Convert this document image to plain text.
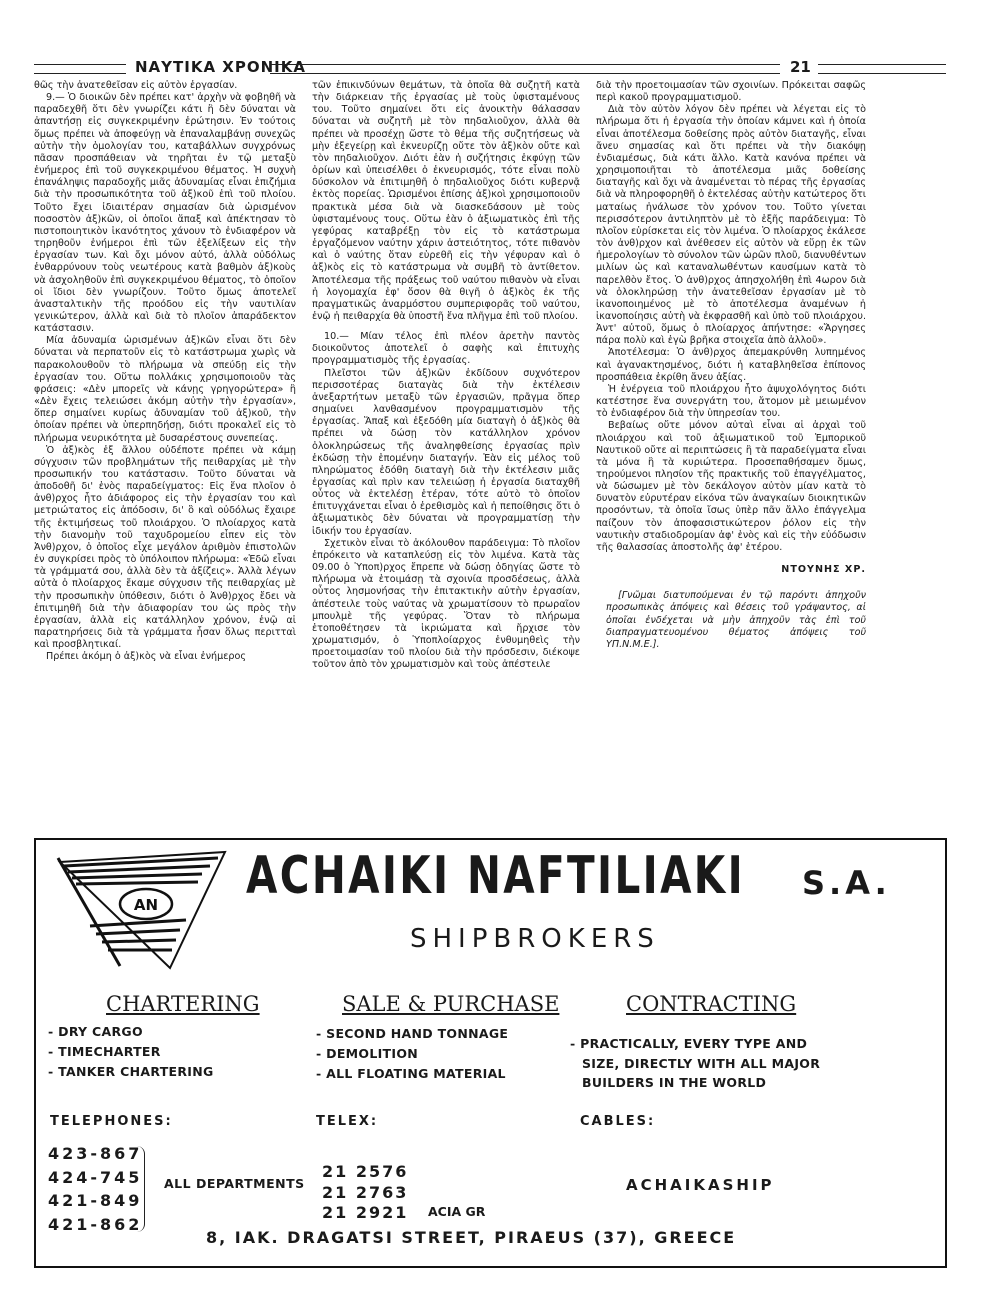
ΝΑΥΤΙΚΑ ΧΡΟΝΙΚΑ	21

θῶς τὴν ἀνατεθεῖσαν εἰς αὐτὸν ἐργασίαν.

9.— Ὁ διοικῶν δὲν πρέπει κατ' ἀρχὴν νὰ φοβηθῆ νὰ παραδεχθῆ ὅτι δὲν γνωρίζει κάτι ἢ δὲν δύναται νὰ ἀπαντήσῃ εἰς συγκεκριμένην ἐρώτησιν. Ἐν τούτοις ὅμως πρέπει νὰ ἀποφεύγῃ νὰ ἐπαναλαμβάνῃ συνεχῶς αὐτὴν τὴν ὁμολογίαν του, καταβάλλων συγχρόνως πᾶσαν προσπάθειαν νὰ τηρῆται ἐν τῷ μεταξὺ ἐνήμερος ἐπὶ τοῦ συγκεκριμένου θέματος. Ἡ συχνὴ ἐπανάληψις παραδοχῆς μιᾶς ἀδυναμίας εἶναι ἐπιζήμια διὰ τὴν προσωπικότητα τοῦ ἀξ)κοῦ ἐπὶ τοῦ πλοίου. Τοῦτο ἔχει ἰδιαιτέραν σημασίαν διὰ ὡρισμένον ποσοστὸν ἀξ)κῶν, οἱ ὁποῖοι ἅπαξ καὶ ἀπέκτησαν τὸ πιστοποιητικὸν ἱκανότητος χάνουν τὸ ἐνδιαφέρον νὰ τηρηθοῦν ἐνήμεροι ἐπὶ τῶν ἐξελίξεων εἰς τὴν ἐργασίαν των. Καὶ ὄχι μόνον αὐτό, ἀλλὰ οὐδόλως ἐνθαρρύνουν τοὺς νεωτέρους κατὰ βαθμὸν ἀξ)κοὺς νὰ ἀσχοληθοῦν ἐπὶ συγκεκριμένου θέματος, τὸ ὁποῖον οἱ ἴδιοι δὲν γνωρίζουν. Τοῦτο ὅμως ἀποτελεῖ ἀνασταλτικὴν τῆς προόδου εἰς τὴν ναυτιλίαν γενικώτερον, ἀλλὰ καὶ διὰ τὸ πλοῖον ἀπαράδεκτον κατάστασιν.

Μία ἀδυναμία ὡρισμένων ἀξ)κῶν εἶναι ὅτι δὲν δύναται νὰ περπατοῦν εἰς τὸ κατάστρωμα χωρὶς νὰ παρακολουθοῦν τὸ πλήρωμα νὰ σπεύδῃ εἰς τὴν ἐργασίαν του. Οὕτω πολλάκις χρησιμοποιοῦν τὰς φράσεις: «Δὲν μπορεῖς νὰ κάνῃς γρηγορώτερα» ἢ «Δὲν ἔχεις τελειώσει ἀκόμη αὐτὴν τὴν ἐργασίαν», ὅπερ σημαίνει κυρίως ἀδυναμίαν τοῦ ἀξ)κοῦ, τὴν ὁποίαν πρέπει νὰ ὑπερπηδήσῃ, διότι προκαλεῖ εἰς τὸ πλήρωμα νευρικότητα μὲ δυσαρέστους συνεπείας.

Ὁ ἀξ)κὸς ἐξ ἄλλου οὐδέποτε πρέπει νὰ κάμῃ σύγχυσιν τῶν προβλημάτων τῆς πειθαρχίας μὲ τὴν προσωπικήν του κατάστασιν. Τοῦτο δύναται νὰ ἀποδοθῆ δι' ἑνὸς παραδείγματος: Εἰς ἕνα πλοῖον ὁ ἀνθ)ρχος ἦτο ἀδιάφορος εἰς τὴν ἐργασίαν του καὶ μετριώτατος εἰς ἀπόδοσιν, δι' ὃ καὶ οὐδόλως ἔχαιρε τῆς ἐκτιμήσεως τοῦ πλοιάρχου. Ὁ πλοίαρχος κατὰ τὴν διανομὴν τοῦ ταχυδρομείου εἶπεν εἰς τὸν Ἀνθ)ρχον, ὁ ὁποῖος εἶχε μεγάλον ἀριθμὸν ἐπιστολῶν ἐν συγκρίσει πρὸς τὸ ὑπόλοιπον πλήρωμα: «Ἐδῶ εἶναι τὰ γράμματά σου, ἀλλὰ δὲν τὰ ἀξίζεις». Ἀλλὰ λέγων αὐτὰ ὁ πλοίαρχος ἔκαμε σύγχυσιν τῆς πειθαρχίας μὲ τὴν προσωπικὴν ὑπόθεσιν, διότι ὁ Ἀνθ)ρχος ἔδει νὰ ἐπιτιμηθῆ διὰ τὴν ἀδιαφορίαν του ὡς πρὸς τὴν ἐργασίαν, ἀλλὰ εἰς κατάλληλον χρόνον, ἐνῷ αἱ παρατηρήσεις διὰ τὰ γράμματα ἦσαν ὅλως περιτταὶ καὶ προσβλητικαί.

Πρέπει ἀκόμη ὁ ἀξ)κὸς νὰ εἶναι ἐνήμερος

τῶν ἐπικινδύνων θεμάτων, τὰ ὁποῖα θὰ συζητῆ κατὰ τὴν διάρκειαν τῆς ἐργασίας μὲ τοὺς ὑφισταμένους του. Τοῦτο σημαίνει ὅτι εἰς ἀνοικτὴν θάλασσαν δύναται νὰ συζητῆ μὲ τὸν πηδαλιοῦχον, ἀλλὰ θὰ πρέπει νὰ προσέχῃ ὥστε τὸ θέμα τῆς συζητήσεως νὰ μὴν ἐξεγείρῃ καὶ ἐκνευρίζῃ οὔτε τὸν ἀξ)κὸν οὔτε καὶ τὸν πηδαλιοῦχον. Διότι ἐὰν ἡ συζήτησις ἐκφύγῃ τῶν ὁρίων καὶ ὑπεισέλθει ὁ ἐκνευρισμός, τότε εἶναι πολὺ δύσκολον νὰ ἐπιτιμηθῆ ὁ πηδαλιοῦχος διότι κυβερνᾷ ἐκτὸς πορείας. Ὡρισμένοι ἐπίσης ἀξ)κοὶ χρησιμοποιοῦν πρακτικὰ μέσα διὰ νὰ διασκεδάσουν μὲ τοὺς ὑφισταμένους τους. Οὕτω ἐὰν ὁ ἀξιωματικὸς ἐπὶ τῆς γεφύρας καταβρέξῃ τὸν εἰς τὸ κατάστρωμα ἐργαζόμενον ναύτην χάριν ἀστειότητος, τότε πιθανὸν καὶ ὁ ναύτης ὅταν εὑρεθῆ εἰς τὴν γέφυραν καὶ ὁ ἀξ)κὸς εἰς τὸ κατάστρωμα νὰ συμβῆ τὸ ἀντίθετον. Ἀποτέλεσμα τῆς πράξεως τοῦ ναύτου πιθανὸν νὰ εἶναι ἡ λογομαχία ἐφ' ὅσον θὰ θιγῆ ὁ ἀξ)κὸς ἐκ τῆς πραγματικῶς ἀναρμόστου συμπεριφορᾶς τοῦ ναύτου, ἐνῷ ἡ πειθαρχία θὰ ὑποστῆ ἕνα πλῆγμα ἐπὶ τοῦ πλοίου.

10.— Μίαν τέλος ἐπὶ πλέον ἀρετὴν παντὸς διοικοῦντος ἀποτελεῖ ὁ σαφὴς καὶ ἐπιτυχὴς προγραμματισμὸς τῆς ἐργασίας.

Πλεῖστοι τῶν ἀξ)κῶν ἐκδίδουν συχνότερον περισσοτέρας διαταγὰς διὰ τὴν ἐκτέλεσιν ἀνεξαρτήτων μεταξὺ τῶν ἐργασιῶν, πρᾶγμα ὅπερ σημαίνει λανθασμένον προγραμματισμὸν τῆς ἐργασίας. Ἅπαξ καὶ ἐξεδόθη μία διαταγὴ ὁ ἀξ)κὸς θὰ πρέπει νὰ δώσῃ τὸν κατάλληλον χρόνον ὁλοκληρώσεως τῆς ἀναληφθείσης ἐργασίας πρὶν ἐκδώσῃ τὴν ἑπομένην διαταγήν. Ἐὰν εἰς μέλος τοῦ πληρώματος ἐδόθη διαταγὴ διὰ τὴν ἐκτέλεσιν μιᾶς ἐργασίας καὶ πρὶν καν τελειώσῃ ἡ ἐργασία διαταχθῆ οὗτος νὰ ἐκτελέσῃ ἑτέραν, τότε αὐτὸ τὸ ὁποῖον ἐπιτυγχάνεται εἶναι ὁ ἐρεθισμὸς καὶ ἡ πεποίθησις ὅτι ὁ ἀξιωματικὸς δὲν δύναται νὰ προγραμματίσῃ τὴν ἰδικήν του ἐργασίαν.

Σχετικὸν εἶναι τὸ ἀκόλουθον παράδειγμα: Τὸ πλοῖον ἐπρόκειτο νὰ καταπλεύσῃ εἰς τὸν λιμένα. Κατὰ τὰς 09.00 ὁ Ὑποπ)ρχος ἔπρεπε νὰ δώσῃ ὁδηγίας ὥστε τὸ πλήρωμα νὰ ἑτοιμάσῃ τὰ σχοινία προσδέσεως, ἀλλὰ οὗτος λησμονήσας τὴν ἐπιτακτικὴν αὐτὴν ἐργασίαν, ἀπέστειλε τοὺς ναύτας νὰ χρωματίσουν τὸ πρωραῖον μπουλμὲ τῆς γεφύρας. Ὅταν τὸ πλήρωμα ἑτοποθέτησεν τὰ ἰκριώματα καὶ ἤρχισε τὸν χρωματισμόν, ὁ Ὑποπλοίαρχος ἐνθυμηθεὶς τὴν προετοιμασίαν τοῦ πλοίου διὰ τὴν πρόσδεσιν, διέκοψε τοῦτον ἀπὸ τὸν χρωματισμὸν καὶ τοὺς ἀπέστειλε

διὰ τὴν προετοιμασίαν τῶν σχοινίων. Πρόκειται σαφῶς περὶ κακοῦ προγραμματισμοῦ.

Διὰ τὸν αὐτὸν λόγον δὲν πρέπει νὰ λέγεται εἰς τὸ πλήρωμα ὅτι ἡ ἐργασία τὴν ὁποίαν κάμνει καὶ ἡ ὁποία εἶναι ἀποτέλεσμα δοθείσης πρὸς αὐτὸν διαταγῆς, εἶναι ἄνευ σημασίας καὶ ὅτι πρέπει νὰ τὴν διακόψῃ ἐνδιαμέσως, διὰ κάτι ἄλλο. Κατὰ κανόνα πρέπει νὰ χρησιμοποιῆται τὸ ἀποτέλεσμα μιᾶς δοθείσης διαταγῆς καὶ ὄχι νὰ ἀναμένεται τὸ πέρας τῆς ἐργασίας διὰ νὰ πληροφορηθῆ ὁ ἐκτελέσας αὐτὴν κατώτερος ὅτι ματαίως ἠνάλωσε τὸν χρόνον του. Τοῦτο γίνεται περισσότερον ἀντιληπτὸν μὲ τὸ ἑξῆς παράδειγμα: Τὸ πλοῖον εὑρίσκεται εἰς τὸν λιμένα. Ὁ πλοίαρχος ἐκάλεσε τὸν ἀνθ)ρχον καὶ ἀνέθεσεν εἰς αὐτὸν νὰ εὕρῃ ἐκ τῶν ἡμερολογίων τὸ σύνολον τῶν ὡρῶν πλοῦ, διανυθέντων μιλίων ὡς καὶ καταναλωθέντων καυσίμων κατὰ τὸ παρελθὸν ἔτος. Ὁ ἀνθ)ρχος ἀπησχολήθη ἐπὶ 4ωρον διὰ νὰ ὁλοκληρώσῃ τὴν ἀνατεθεῖσαν ἐργασίαν μὲ τὸ ἱκανοποιημένος μὲ τὸ ἀποτέλεσμα ἀναμένων ἡ ἱκανοποίησις αὐτὴ νὰ ἐκφρασθῆ καὶ ὑπὸ τοῦ πλοιάρχου. Ἀντ' αὐτοῦ, ὅμως ὁ πλοίαρχος ἀπήντησε: «Ἄργησες πάρα πολὺ καὶ ἐγὼ βρῆκα στοιχεῖα ἀπὸ ἀλλοῦ».

Ἀποτέλεσμα: Ὁ ἀνθ)ρχος ἀπεμακρύνθη λυπημένος καὶ ἀγανακτησμένος, διότι ἡ καταβληθεῖσα ἐπίπονος προσπάθεια ἐκρίθη ἄνευ ἀξίας.

Ἡ ἐνέργεια τοῦ πλοιάρχου ἦτο ἀψυχολόγητος διότι κατέστησε ἕνα συνεργάτη του, ἄτομον μὲ μειωμένον τὸ ἐνδιαφέρον διὰ τὴν ὑπηρεσίαν του.

Βεβαίως οὔτε μόνον αὐταὶ εἶναι αἱ ἀρχαὶ τοῦ πλοιάρχου καὶ τοῦ ἀξιωματικοῦ τοῦ Ἐμπορικοῦ Ναυτικοῦ οὔτε αἱ περιπτώσεις ἢ τὰ παραδείγματα εἶναι τὰ μόνα ἢ τὰ κυριώτερα. Προσεπαθήσαμεν ὅμως, τηρούμενοι πλησίον τῆς πρακτικῆς τοῦ ἐπαγγέλματος, νὰ δώσωμεν μὲ τὸν δεκάλογον αὐτὸν μίαν κατὰ τὸ δυνατὸν εὐρυτέραν εἰκόνα τῶν ἀναγκαίων διοικητικῶν προσόντων, τὰ ὁποῖα ἴσως ὑπὲρ πᾶν ἄλλο ἐπάγγελμα παίζουν τὸν ἀποφασιστικώτερον ῥόλον εἰς τὴν ναυτικὴν σταδιοδρομίαν ἀφ' ἑνὸς καὶ εἰς τὴν εὐόδωσιν τῆς θαλασσίας ἀποστολῆς ἀφ' ἑτέρου.

ΝΤΟΥΝΗΣ ΧΡ.

[Γνῶμαι διατυπούμεναι ἐν τῷ παρόντι ἀπηχοῦν προσωπικὰς ἀπόψεις καὶ θέσεις τοῦ γράψαντος, αἱ ὁποῖαι ἐνδέχεται νὰ μὴν ἀπηχοῦν τὰς ἐπὶ τοῦ διαπραγματευομένου θέματος ἀπόψεις τοῦ ΥΠ.Ν.Μ.Ε.].

AN ACHAIKI NAFTILIAKI S.A.
SHIPBROKERS
CHARTERING
- DRY CARGO
- TIMECHARTER
- TANKER CHARTERING
SALE & PURCHASE
- SECOND HAND TONNAGE
- DEMOLITION
- ALL FLOATING MATERIAL
CONTRACTING
- PRACTICALLY, EVERY TYPE AND SIZE, DIRECTLY WITH ALL MAJOR BUILDERS IN THE WORLD
TELEPHONES:	TELEX:	CABLES:
423-867
424-745
421-849
421-862
ALL DEPARTMENTS
21 2576
21 2763
21 2921 ACIA GR
ACHAIKASHIP
8, IAK. DRAGATSI STREET, PIRAEUS (37), GREECE
